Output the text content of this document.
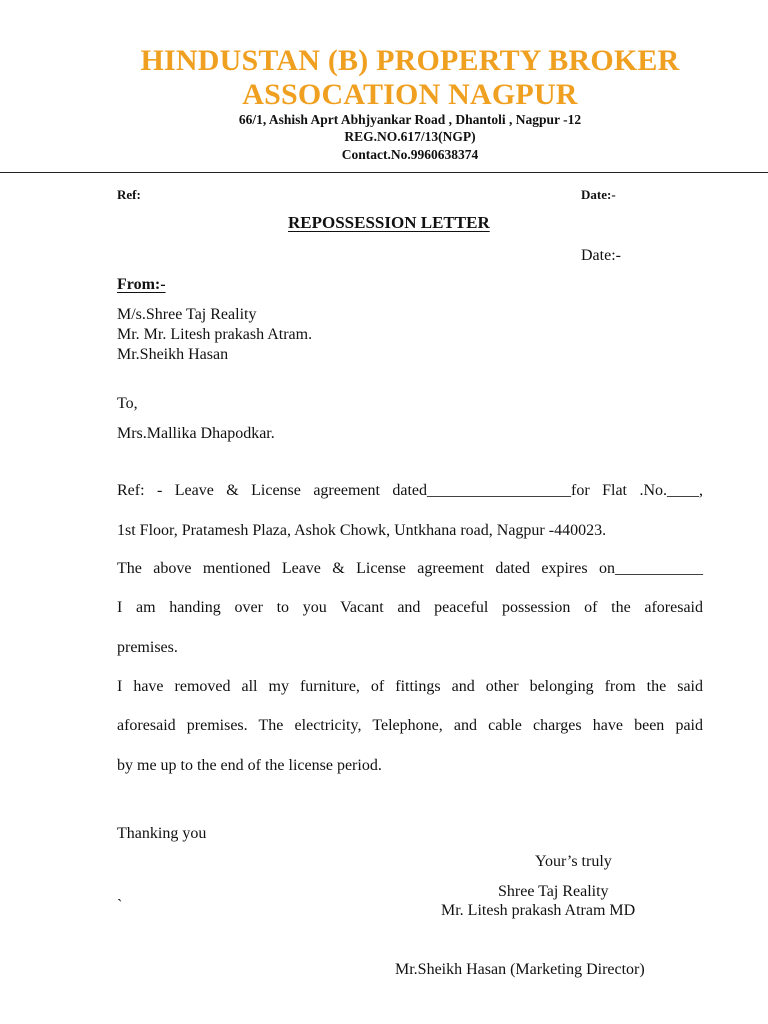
HINDUSTAN (B) PROPERTY BROKER
ASSOCATION NAGPUR
66/1, Ashish Aprt Abhjyankar Road , Dhantoli , Nagpur -12
REG.NO.617/13(NGP)
Contact.No.9960638374
Ref:	Date:-
REPOSSESSION LETTER
Date:-
From:-
M/s.Shree Taj Reality
Mr. Mr. Litesh prakash Atram.
Mr.Sheikh Hasan
To,
Mrs.Mallika Dhapodkar.
Ref: - Leave & License agreement dated__________________for Flat .No.____,
1st Floor, Pratamesh Plaza, Ashok Chowk, Untkhana road, Nagpur -440023.
The above mentioned Leave & License agreement dated expires on___________
I am handing over to you Vacant and peaceful possession of the aforesaid
premises.
I have removed all my furniture, of fittings and other belonging from the said
aforesaid premises. The electricity, Telephone, and cable charges have been paid
by me up to the end of the license period.
Thanking you
Your’s truly
Shree Taj Reality
`	Mr. Litesh prakash Atram MD
Mr.Sheikh Hasan (Marketing Director)
